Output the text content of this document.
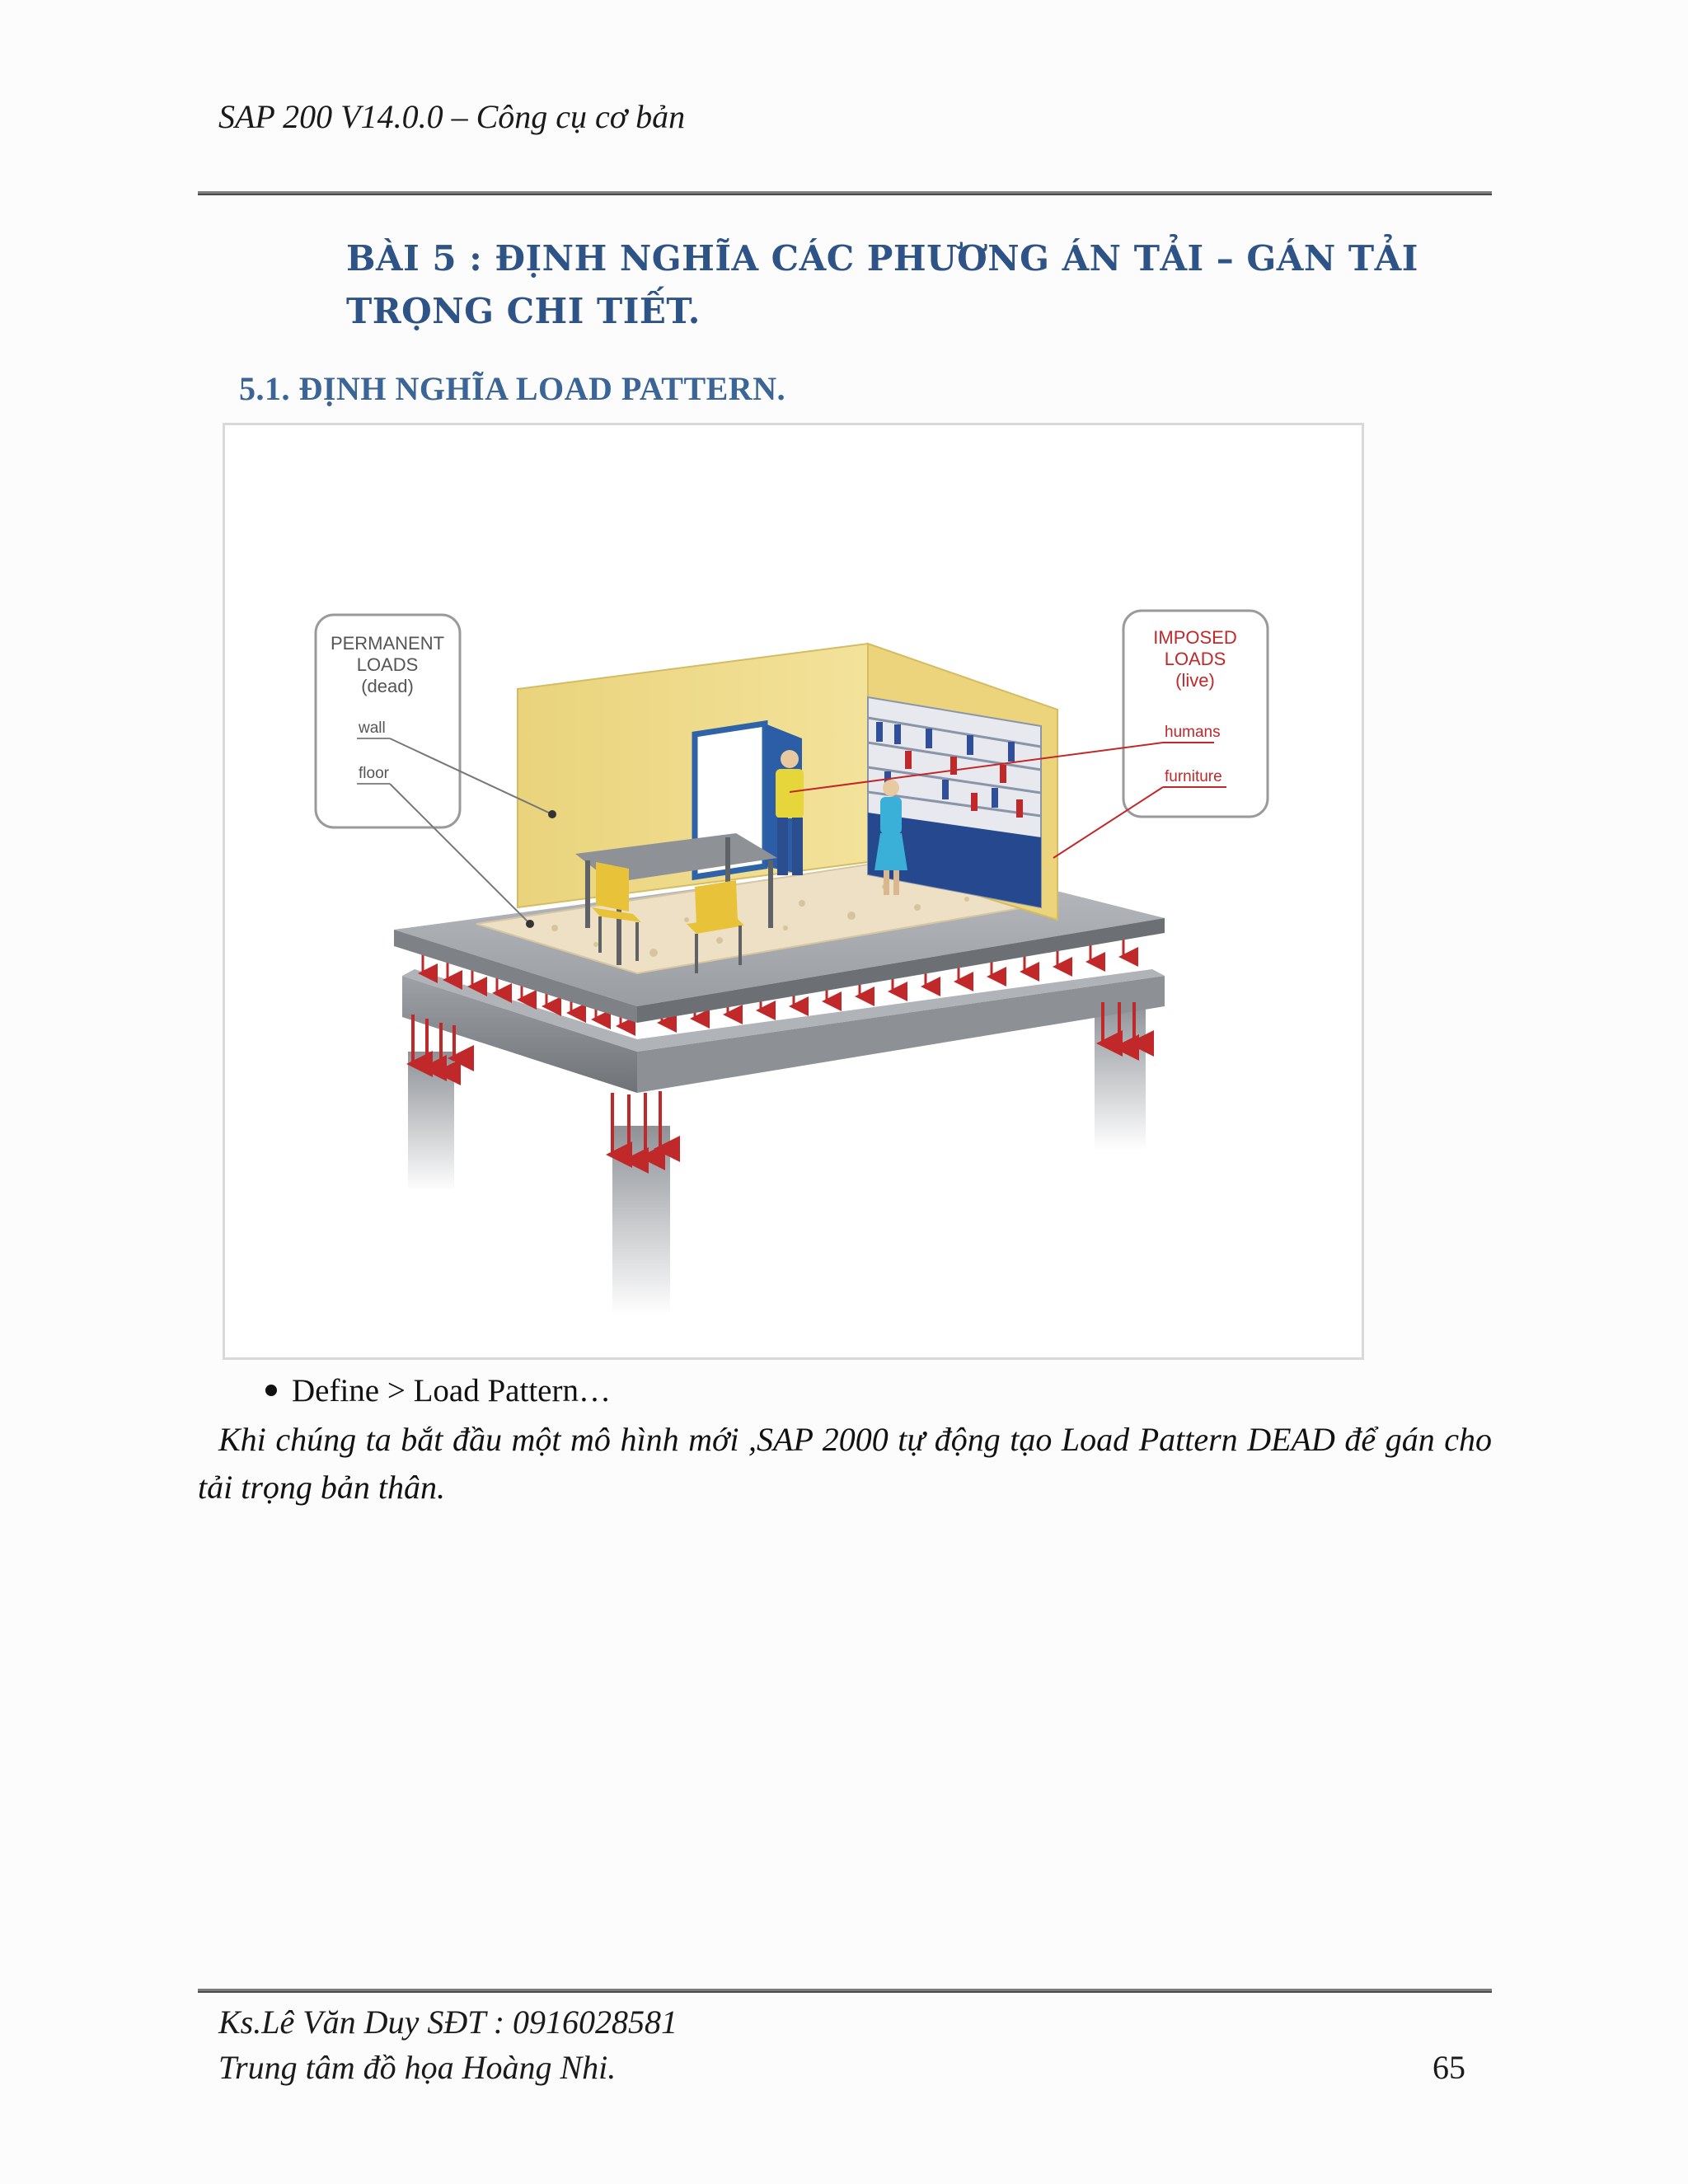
SAP 200 V14.0.0 – Công cụ cơ bản
BÀI 5 : ĐỊNH NGHĨA CÁC PHƯƠNG ÁN TẢI – GÁN TẢI TRỌNG CHI TIẾT.
5.1. ĐỊNH NGHĨA LOAD PATTERN.
PERMANENT
LOADS
(dead)
wall
floor
IMPOSED
LOADS
(live)
humans
furniture
Define > Load Pattern…
Khi chúng ta bắt đầu một mô hình mới ,SAP 2000 tự động tạo Load Pattern DEAD để gán cho tải trọng bản thân.
Ks.Lê Văn Duy SĐT : 0916028581
Trung tâm đồ họa Hoàng Nhi.	65
